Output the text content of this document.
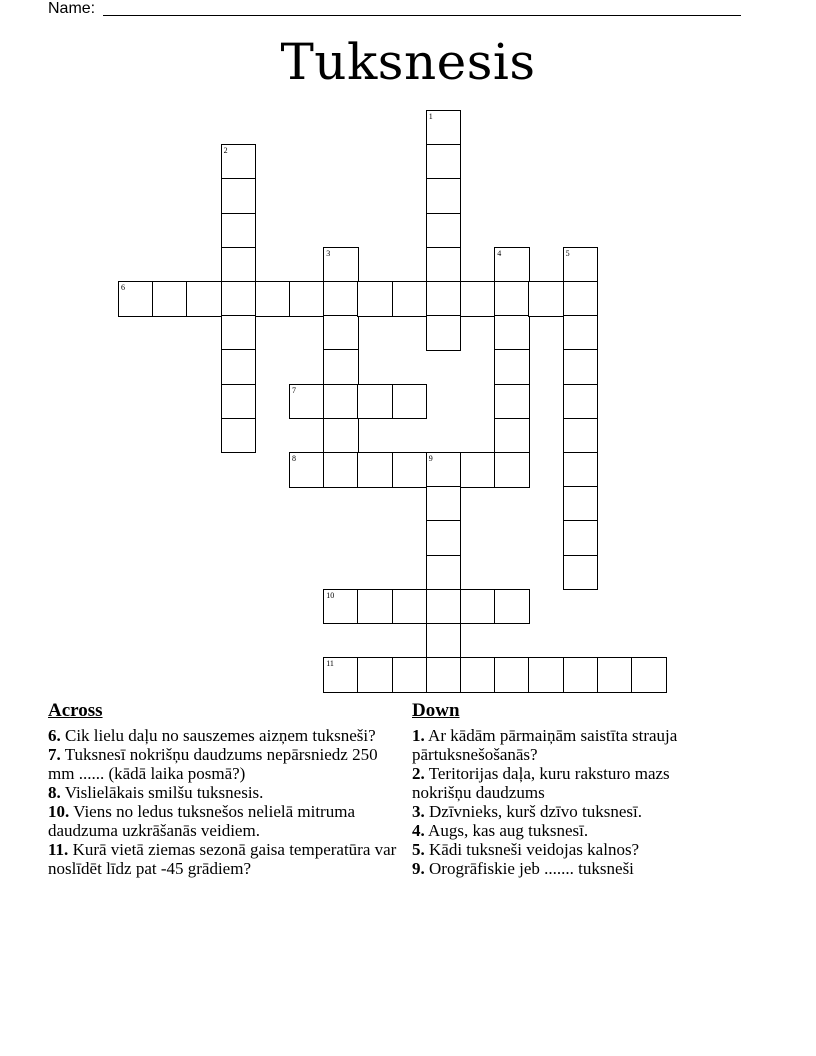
Name:
Tuksnesis
1
2
3	4	5
6
7
8	9
10
11
Across
6. Cik lielu daļu no sauszemes aizņem tuksneši?
7. Tuksnesī nokrišņu daudzums nepārsniedz 250 mm ...... (kādā laika posmā?)
8. Vislielākais smilšu tuksnesis.
10. Viens no ledus tuksnešos nelielā mitruma daudzuma uzkrāšanās veidiem.
11. Kurā vietā ziemas sezonā gaisa temperatūra var noslīdēt līdz pat -45 grādiem?
Down
1. Ar kādām pārmaiņām saistīta strauja pārtuksnešošanās?
2. Teritorijas daļa, kuru raksturo mazs nokrišņu daudzums
3. Dzīvnieks, kurš dzīvo tuksnesī.
4. Augs, kas aug tuksnesī.
5. Kādi tuksneši veidojas kalnos?
9. Orogrāfiskie jeb ....... tuksneši
